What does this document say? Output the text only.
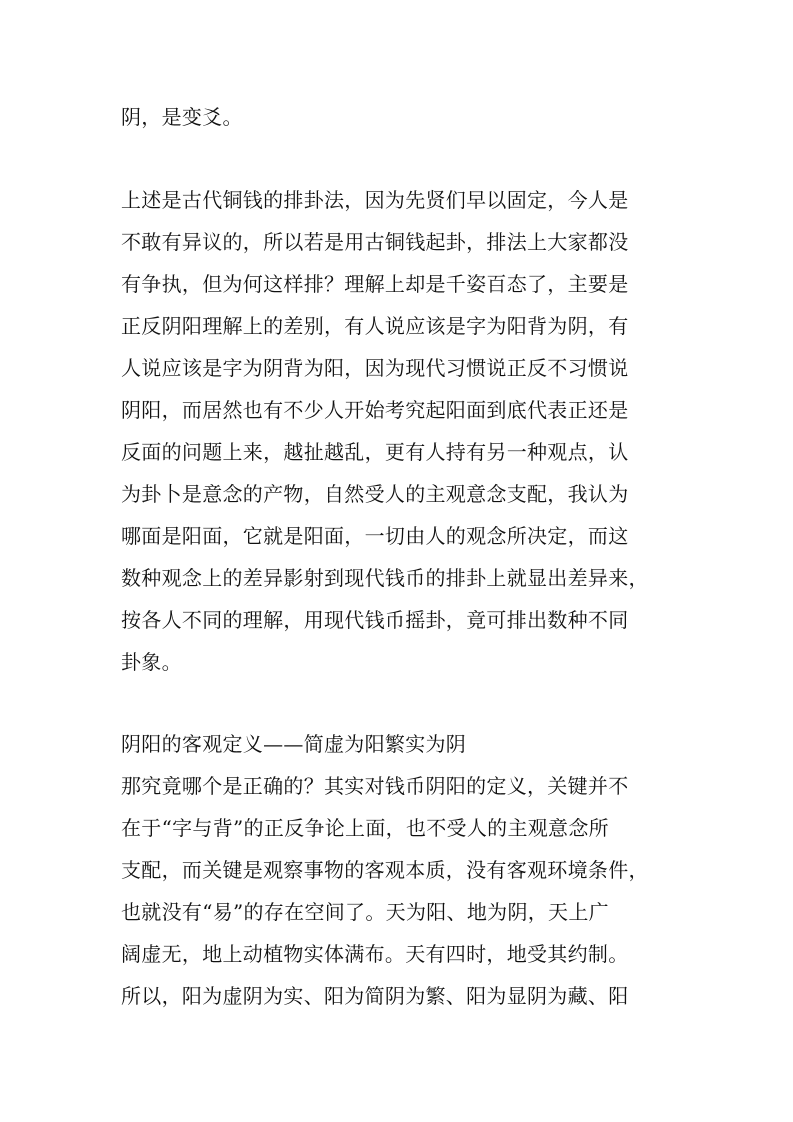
阴，是变爻。
上述是古代铜钱的排卦法，因为先贤们早以固定，今人是
不敢有异议的，所以若是用古铜钱起卦，排法上大家都没
有争执，但为何这样排？理解上却是千姿百态了，主要是
正反阴阳理解上的差别，有人说应该是字为阳背为阴，有
人说应该是字为阴背为阳，因为现代习惯说正反不习惯说
阴阳，而居然也有不少人开始考究起阳面到底代表正还是
反面的问题上来，越扯越乱，更有人持有另一种观点，认
为卦卜是意念的产物，自然受人的主观意念支配，我认为
哪面是阳面，它就是阳面，一切由人的观念所决定，而这
数种观念上的差异影射到现代钱币的排卦上就显出差异来，
按各人不同的理解，用现代钱币摇卦，竟可排出数种不同
卦象。
阴阳的客观定义——简虚为阳繁实为阴
那究竟哪个是正确的？其实对钱币阴阳的定义，关键并不
在于“字与背”的正反争论上面，也不受人的主观意念所
支配，而关键是观察事物的客观本质，没有客观环境条件，
也就没有“易”的存在空间了。天为阳、地为阴，天上广
阔虚无，地上动植物实体满布。天有四时，地受其约制。
所以，阳为虚阴为实、阳为简阴为繁、阳为显阴为藏、阳
